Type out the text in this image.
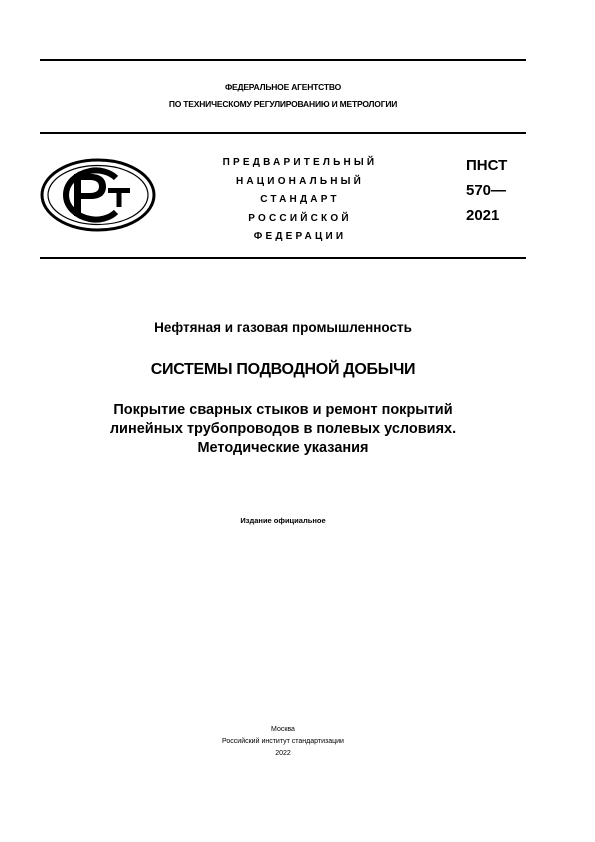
ФЕДЕРАЛЬНОЕ АГЕНТСТВО
ПО ТЕХНИЧЕСКОМУ РЕГУЛИРОВАНИЮ И МЕТРОЛОГИИ
ПРЕДВАРИТЕЛЬНЫЙ
НАЦИОНАЛЬНЫЙ
СТАНДАРТ
РОССИЙСКОЙ
ФЕДЕРАЦИИ
ПНСТ
570—
2021
Нефтяная и газовая промышленность
СИСТЕМЫ ПОДВОДНОЙ ДОБЫЧИ
Покрытие сварных стыков и ремонт покрытий
линейных трубопроводов в полевых условиях.
Методические указания
Издание официальное
Москва
Российский институт стандартизации
2022
